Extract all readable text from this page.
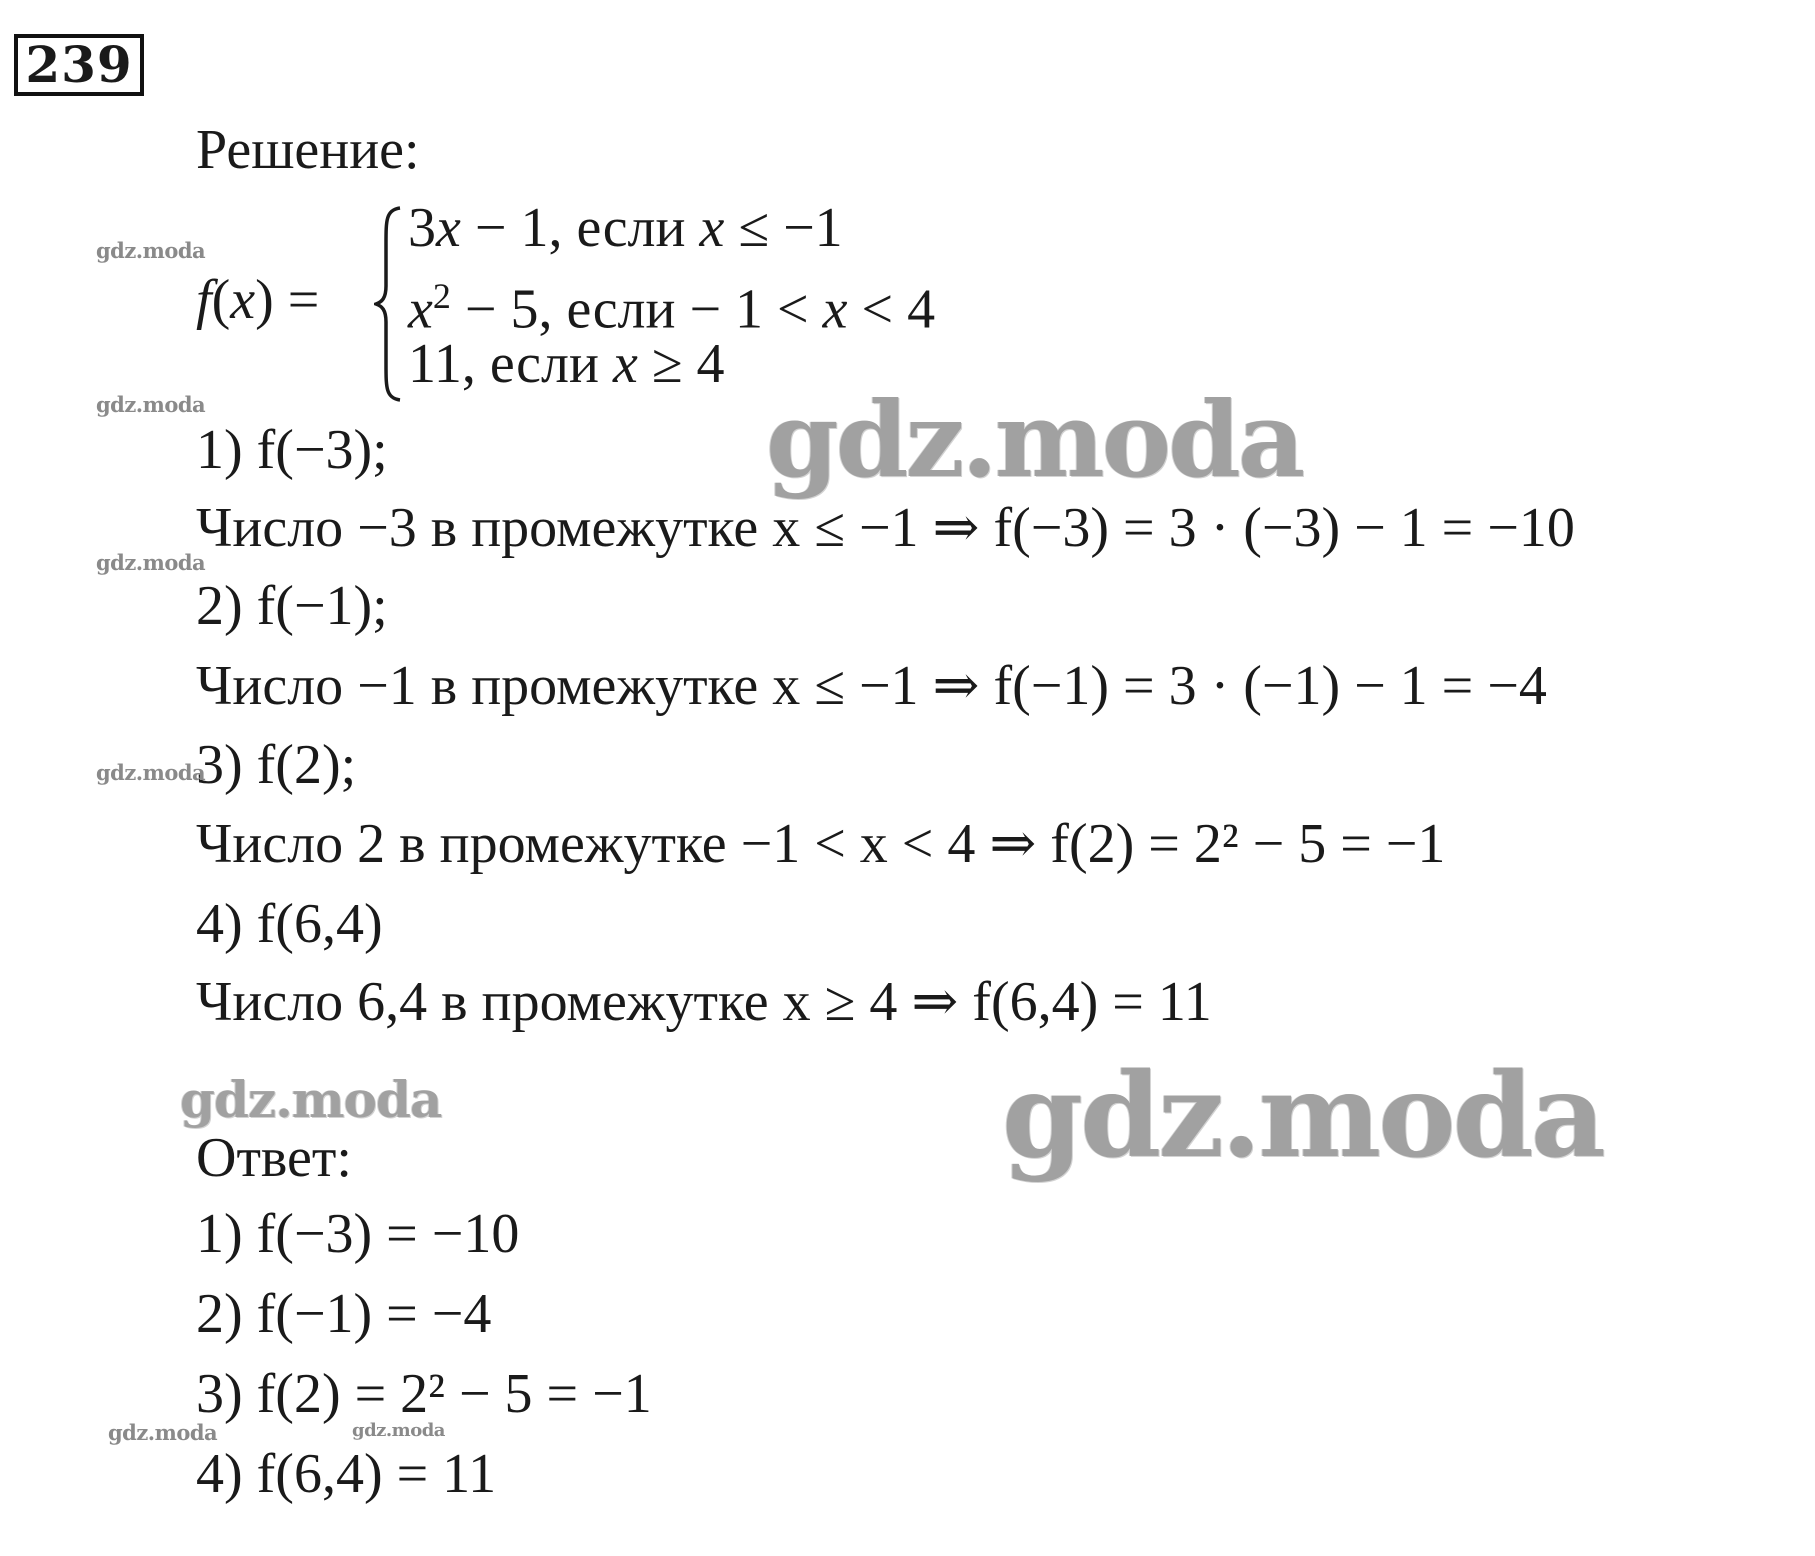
239
Решение:
f(x) =
3x − 1, если x ≤ −1
$x^2 - 5$, если − 1 < x < 4
11, если x ≥ 4
1) f(−3);
Число −3 в промежутке x ≤ −1 ⇒ f(−3) = 3 · (−3) − 1 = −10
2) f(−1);
Число −1 в промежутке x ≤ −1 ⇒ f(−1) = 3 · (−1) − 1 = −4
3) f(2);
Число 2 в промежутке −1 < x < 4 ⇒ f(2) = 2² − 5 = −1
4) f(6,4)
Число 6,4 в промежутке x ≥ 4 ⇒ f(6,4) = 11
Ответ:
1) f(−3) = −10
2) f(−1) = −4
3) f(2) = 2² − 5 = −1
4) f(6,4) = 11
gdz.moda
gdz.moda
gdz.moda
gdz.moda
gdz.moda	gdz.moda
gdz.moda
gdz.moda
gdz.moda
